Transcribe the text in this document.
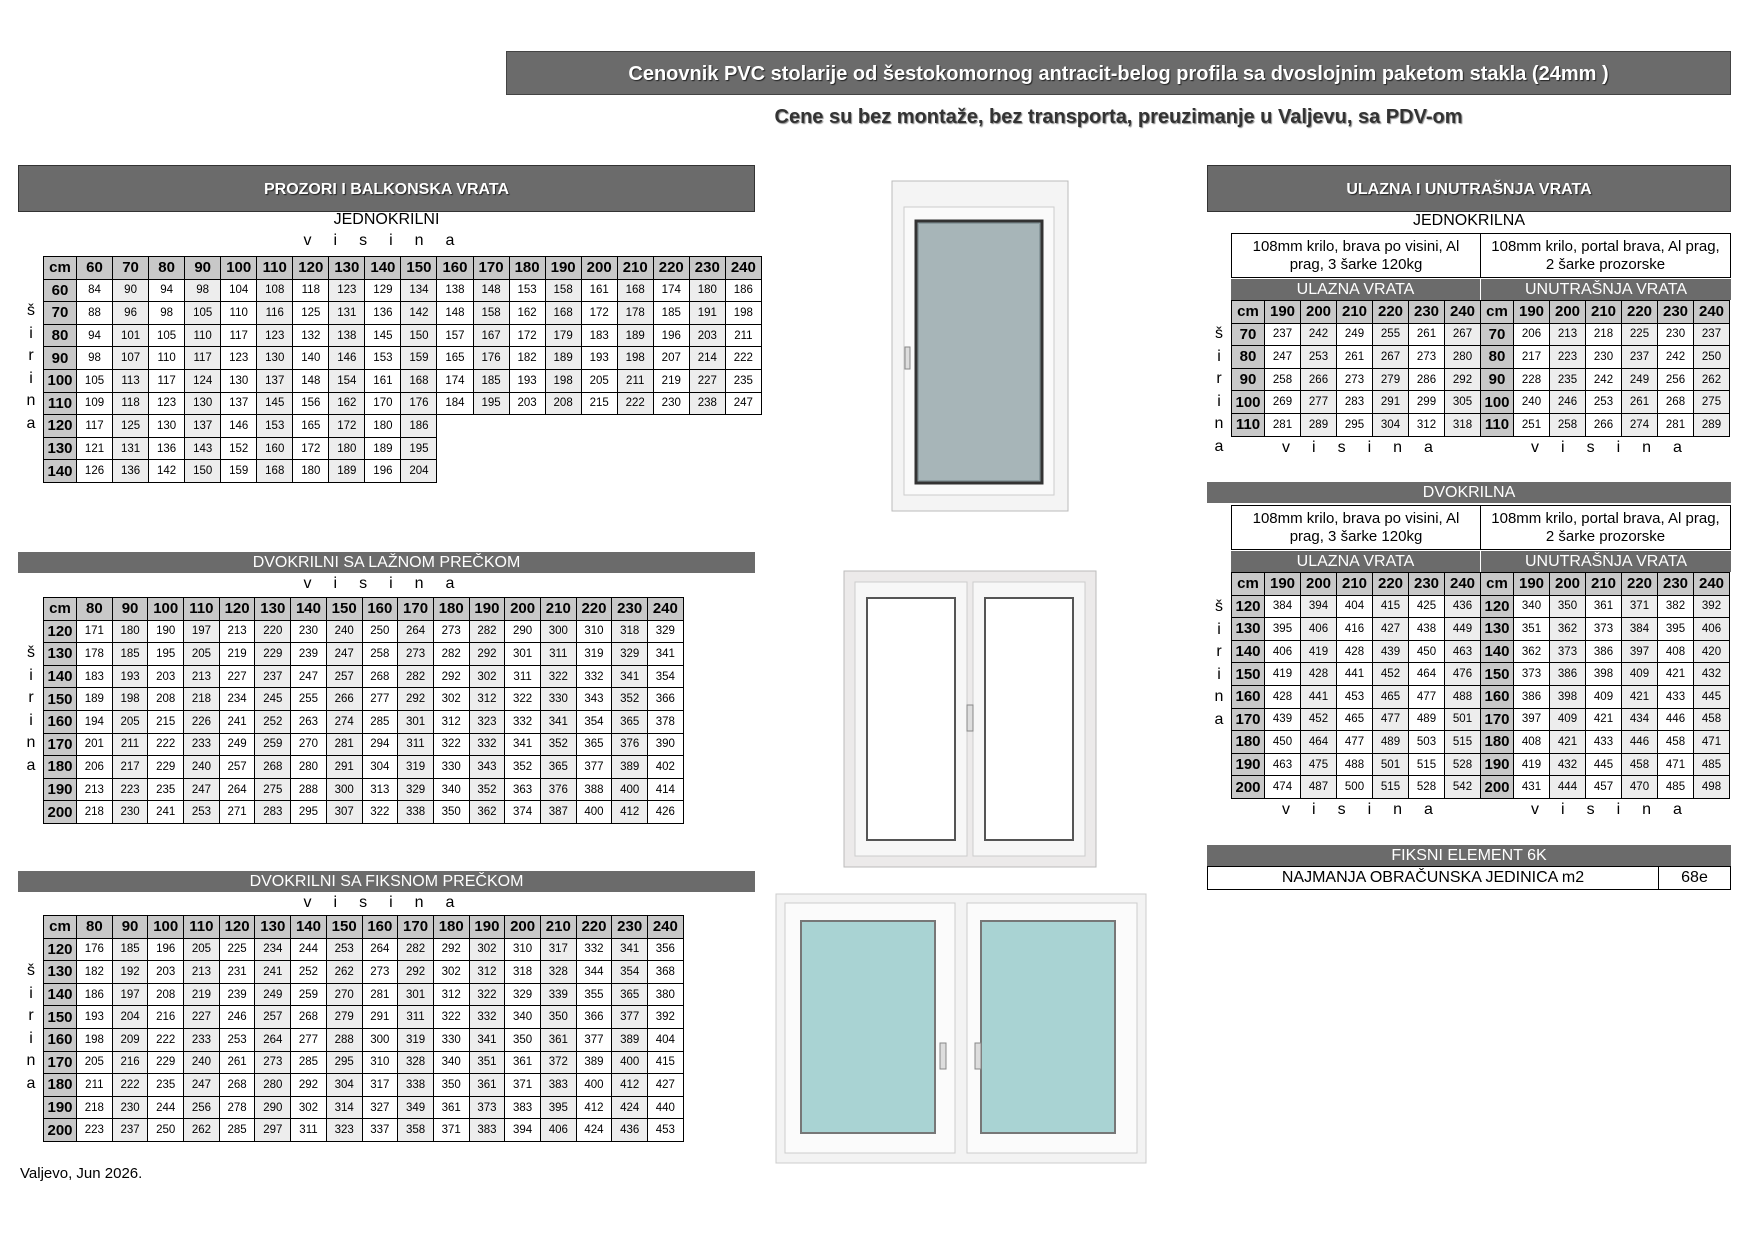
Cenovnik PVC stolarije od šestokomornog antracit-belog profila sa dvoslojnim paketom stakla (24mm )
Cene su bez montaže, bez transporta, preuzimanje u Valjevu, sa PDV-om
PROZORI I BALKONSKA VRATA
JEDNOKRILNI
visina
cm	60	70	80	90	100	110	120	130	140	150	160	170	180	190	200	210	220	230	240
60	84	90	94	98	104	108	118	123	129	134	138	148	153	158	161	168	174	180	186
70	88	96	98	105	110	116	125	131	136	142	148	158	162	168	172	178	185	191	198
80	94	101	105	110	117	123	132	138	145	150	157	167	172	179	183	189	196	203	211
90	98	107	110	117	123	130	140	146	153	159	165	176	182	189	193	198	207	214	222
100	105	113	117	124	130	137	148	154	161	168	174	185	193	198	205	211	219	227	235
110	109	118	123	130	137	145	156	162	170	176	184	195	203	208	215	222	230	238	247
120	117	125	130	137	146	153	165	172	180	186									
130	121	131	136	143	152	160	172	180	189	195									
140	126	136	142	150	159	168	180	189	196	204									
DVOKRILNI SA LAŽNOM PREČKOM
visina
š
i
r
i
n
a
cm	80	90	100	110	120	130	140	150	160	170	180	190	200	210	220	230	240
120	171	180	190	197	213	220	230	240	250	264	273	282	290	300	310	318	329
130	178	185	195	205	219	229	239	247	258	273	282	292	301	311	319	329	341
140	183	193	203	213	227	237	247	257	268	282	292	302	311	322	332	341	354
150	189	198	208	218	234	245	255	266	277	292	302	312	322	330	343	352	366
160	194	205	215	226	241	252	263	274	285	301	312	323	332	341	354	365	378
170	201	211	222	233	249	259	270	281	294	311	322	332	341	352	365	376	390
180	206	217	229	240	257	268	280	291	304	319	330	343	352	365	377	389	402
190	213	223	235	247	264	275	288	300	313	329	340	352	363	376	388	400	414
200	218	230	241	253	271	283	295	307	322	338	350	362	374	387	400	412	426
DVOKRILNI SA FIKSNOM PREČKOM
visina
š
i
r
i
n
a
cm	80	90	100	110	120	130	140	150	160	170	180	190	200	210	220	230	240
120	176	185	196	205	225	234	244	253	264	282	292	302	310	317	332	341	356
130	182	192	203	213	231	241	252	262	273	292	302	312	318	328	344	354	368
140	186	197	208	219	239	249	259	270	281	301	312	322	329	339	355	365	380
150	193	204	216	227	246	257	268	279	291	311	322	332	340	350	366	377	392
160	198	209	222	233	253	264	277	288	300	319	330	341	350	361	377	389	404
170	205	216	229	240	261	273	285	295	310	328	340	351	361	372	389	400	415
180	211	222	235	247	268	280	292	304	317	338	350	361	371	383	400	412	427
190	218	230	244	256	278	290	302	314	327	349	361	373	383	395	412	424	440
200	223	237	250	262	285	297	311	323	337	358	371	383	394	406	424	436	453
š
i
r
i
n
a
ULAZNA I UNUTRAŠNJA VRATA
JEDNOKRILNA
108mm krilo, brava po visini, Al prag, 3 šarke 120kg
108mm krilo, portal brava, Al prag, 2 šarke prozorske
ULAZNA VRATA	UNUTRAŠNJA VRATA
š
i
r
i
n
a
cm	190	200	210	220	230	240	cm	190	200	210	220	230	240
70	237	242	249	255	261	267	70	206	213	218	225	230	237
80	247	253	261	267	273	280	80	217	223	230	237	242	250
90	258	266	273	279	286	292	90	228	235	242	249	256	262
100	269	277	283	291	299	305	100	240	246	253	261	268	275
110	281	289	295	304	312	318	110	251	258	266	274	281	289
visina	visina
DVOKRILNA
108mm krilo, brava po visini, Al prag, 3 šarke 120kg
108mm krilo, portal brava, Al prag, 2 šarke prozorske
ULAZNA VRATA	UNUTRAŠNJA VRATA
š
i
r
i
n
a
cm	190	200	210	220	230	240	cm	190	200	210	220	230	240
120	384	394	404	415	425	436	120	340	350	361	371	382	392
130	395	406	416	427	438	449	130	351	362	373	384	395	406
140	406	419	428	439	450	463	140	362	373	386	397	408	420
150	419	428	441	452	464	476	150	373	386	398	409	421	432
160	428	441	453	465	477	488	160	386	398	409	421	433	445
170	439	452	465	477	489	501	170	397	409	421	434	446	458
180	450	464	477	489	503	515	180	408	421	433	446	458	471
190	463	475	488	501	515	528	190	419	432	445	458	471	485
200	474	487	500	515	528	542	200	431	444	457	470	485	498
visina	visina
FIKSNI ELEMENT 6K
NAJMANJA OBRAČUNSKA JEDINICA m2	68e
Valjevo, Jun 2026.
